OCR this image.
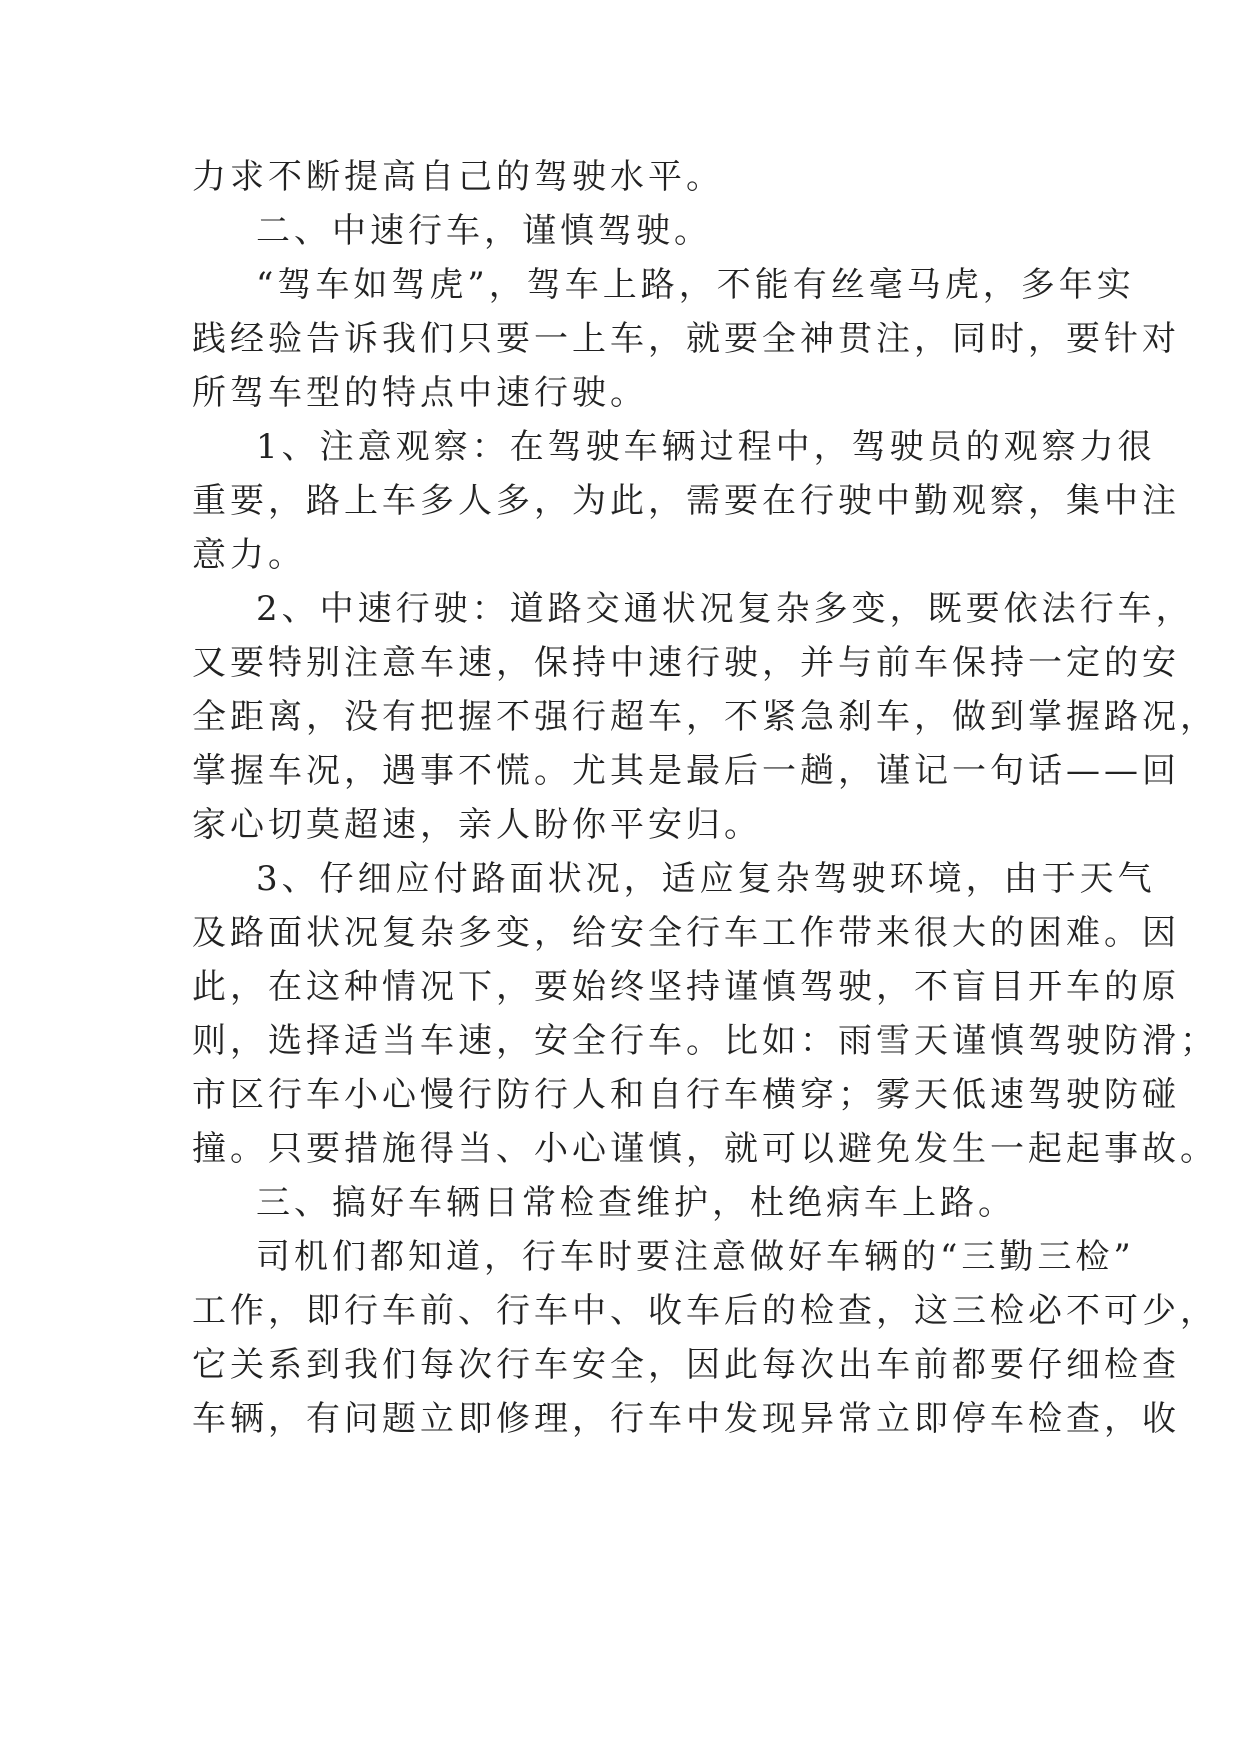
力求不断提高自己的驾驶水平。
二、中速行车，谨慎驾驶。
“驾车如驾虎”，驾车上路，不能有丝毫马虎，多年实
践经验告诉我们只要一上车，就要全神贯注，同时，要针对
所驾车型的特点中速行驶。
1、注意观察：在驾驶车辆过程中，驾驶员的观察力很
重要，路上车多人多，为此，需要在行驶中勤观察，集中注
意力。
2、中速行驶：道路交通状况复杂多变，既要依法行车，
又要特别注意车速，保持中速行驶，并与前车保持一定的安
全距离，没有把握不强行超车，不紧急刹车，做到掌握路况，
掌握车况，遇事不慌。尤其是最后一趟，谨记一句话——回
家心切莫超速，亲人盼你平安归。
3、仔细应付路面状况，适应复杂驾驶环境，由于天气
及路面状况复杂多变，给安全行车工作带来很大的困难。因
此，在这种情况下，要始终坚持谨慎驾驶，不盲目开车的原
则，选择适当车速，安全行车。比如：雨雪天谨慎驾驶防滑；
市区行车小心慢行防行人和自行车横穿；雾天低速驾驶防碰
撞。只要措施得当、小心谨慎，就可以避免发生一起起事故。
三、搞好车辆日常检查维护，杜绝病车上路。
司机们都知道，行车时要注意做好车辆的“三勤三检”
工作，即行车前、行车中、收车后的检查，这三检必不可少，
它关系到我们每次行车安全，因此每次出车前都要仔细检查
车辆，有问题立即修理，行车中发现异常立即停车检查，收
